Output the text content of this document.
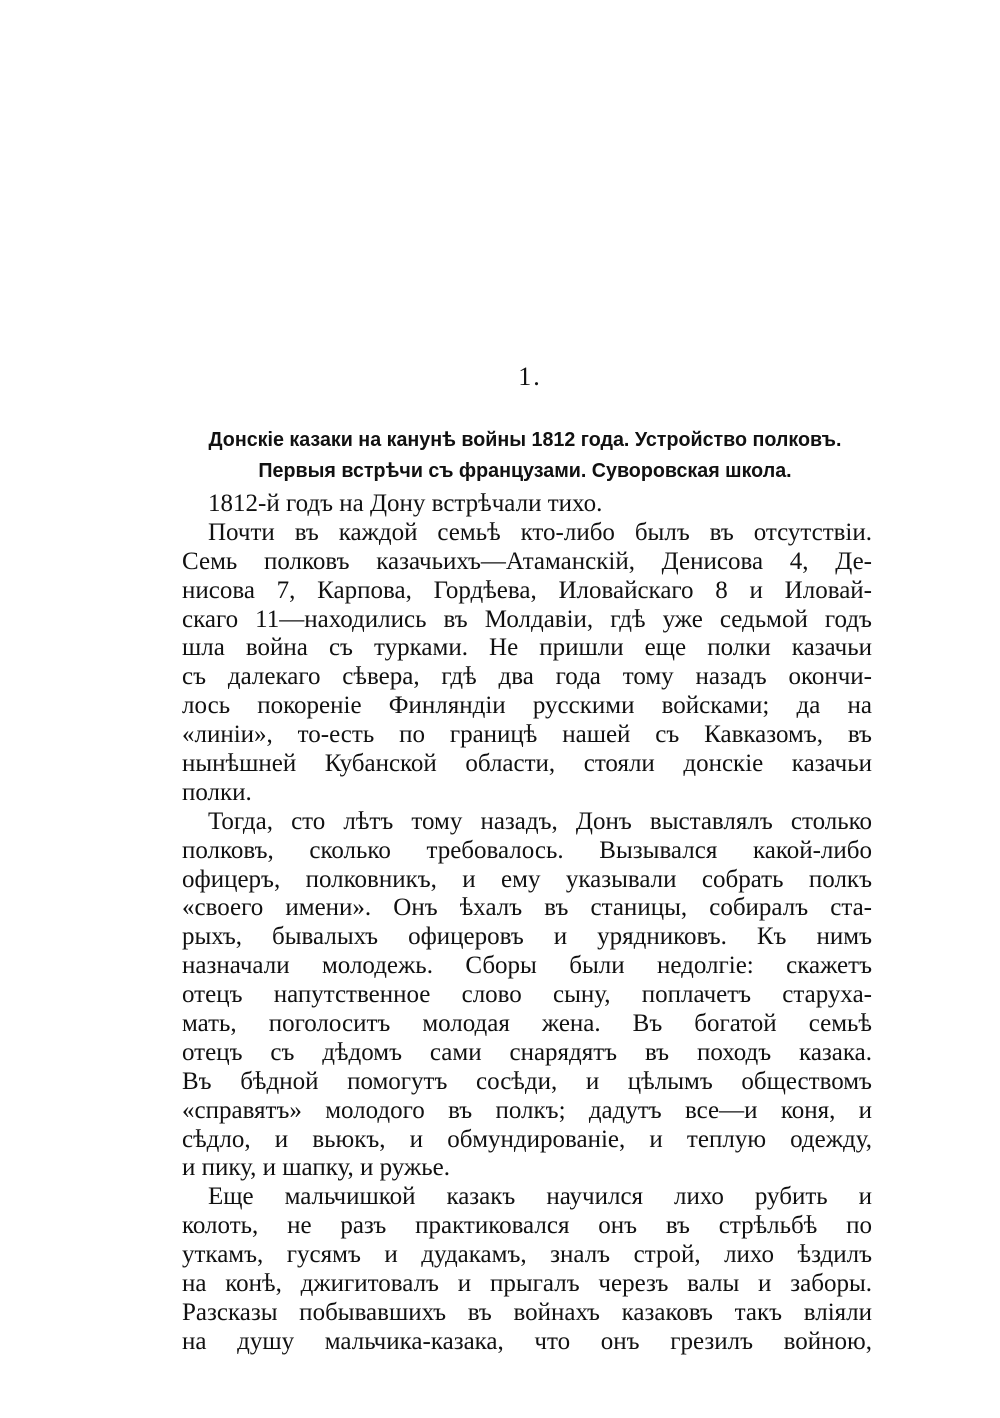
1.
Донскіе казаки на канунѣ войны 1812 года. Устройство полковъ.
Первыя встрѣчи съ французами. Суворовская школа.
1812-й годъ на Дону встрѣчали тихо.
Почти въ каждой семьѣ кто-либо былъ въ отсутствіи.
Семь полковъ казачьихъ—Атаманскій, Денисова 4, Де-
нисова 7, Карпова, Гордѣева, Иловайскаго 8 и Иловай-
скаго 11—находились въ Молдавіи, гдѣ уже седьмой годъ
шла война съ турками. Не пришли еще полки казачьи
съ далекаго сѣвера, гдѣ два года тому назадъ окончи-
лось покореніе Финляндіи русскими войсками; да на
«линіи», то-есть по границѣ нашей съ Кавказомъ, въ
нынѣшней Кубанской области, стояли донскіе казачьи
полки.
Тогда, сто лѣтъ тому назадъ, Донъ выставлялъ столько
полковъ, сколько требовалось. Вызывался какой-либо
офицеръ, полковникъ, и ему указывали собрать полкъ
«своего имени». Онъ ѣхалъ въ станицы, собиралъ ста-
рыхъ, бывалыхъ офицеровъ и урядниковъ. Къ нимъ
назначали молодежь. Сборы были недолгіе: скажетъ
отецъ напутственное слово сыну, поплачетъ старуха-
мать, поголоситъ молодая жена. Въ богатой семьѣ
отецъ съ дѣдомъ сами снарядятъ въ походъ казака.
Въ бѣдной помогутъ сосѣди, и цѣлымъ обществомъ
«справятъ» молодого въ полкъ; дадутъ все—и коня, и
сѣдло, и вьюкъ, и обмундированіе, и теплую одежду,
и пику, и шапку, и ружье.
Еще мальчишкой казакъ научился лихо рубить и
колоть, не разъ практиковался онъ въ стрѣльбѣ по
уткамъ, гусямъ и дудакамъ, зналъ строй, лихо ѣздилъ
на конѣ, джигитовалъ и прыгалъ черезъ валы и заборы.
Разсказы побывавшихъ въ войнахъ казаковъ такъ вліяли
на душу мальчика-казака, что онъ грезилъ войною,
